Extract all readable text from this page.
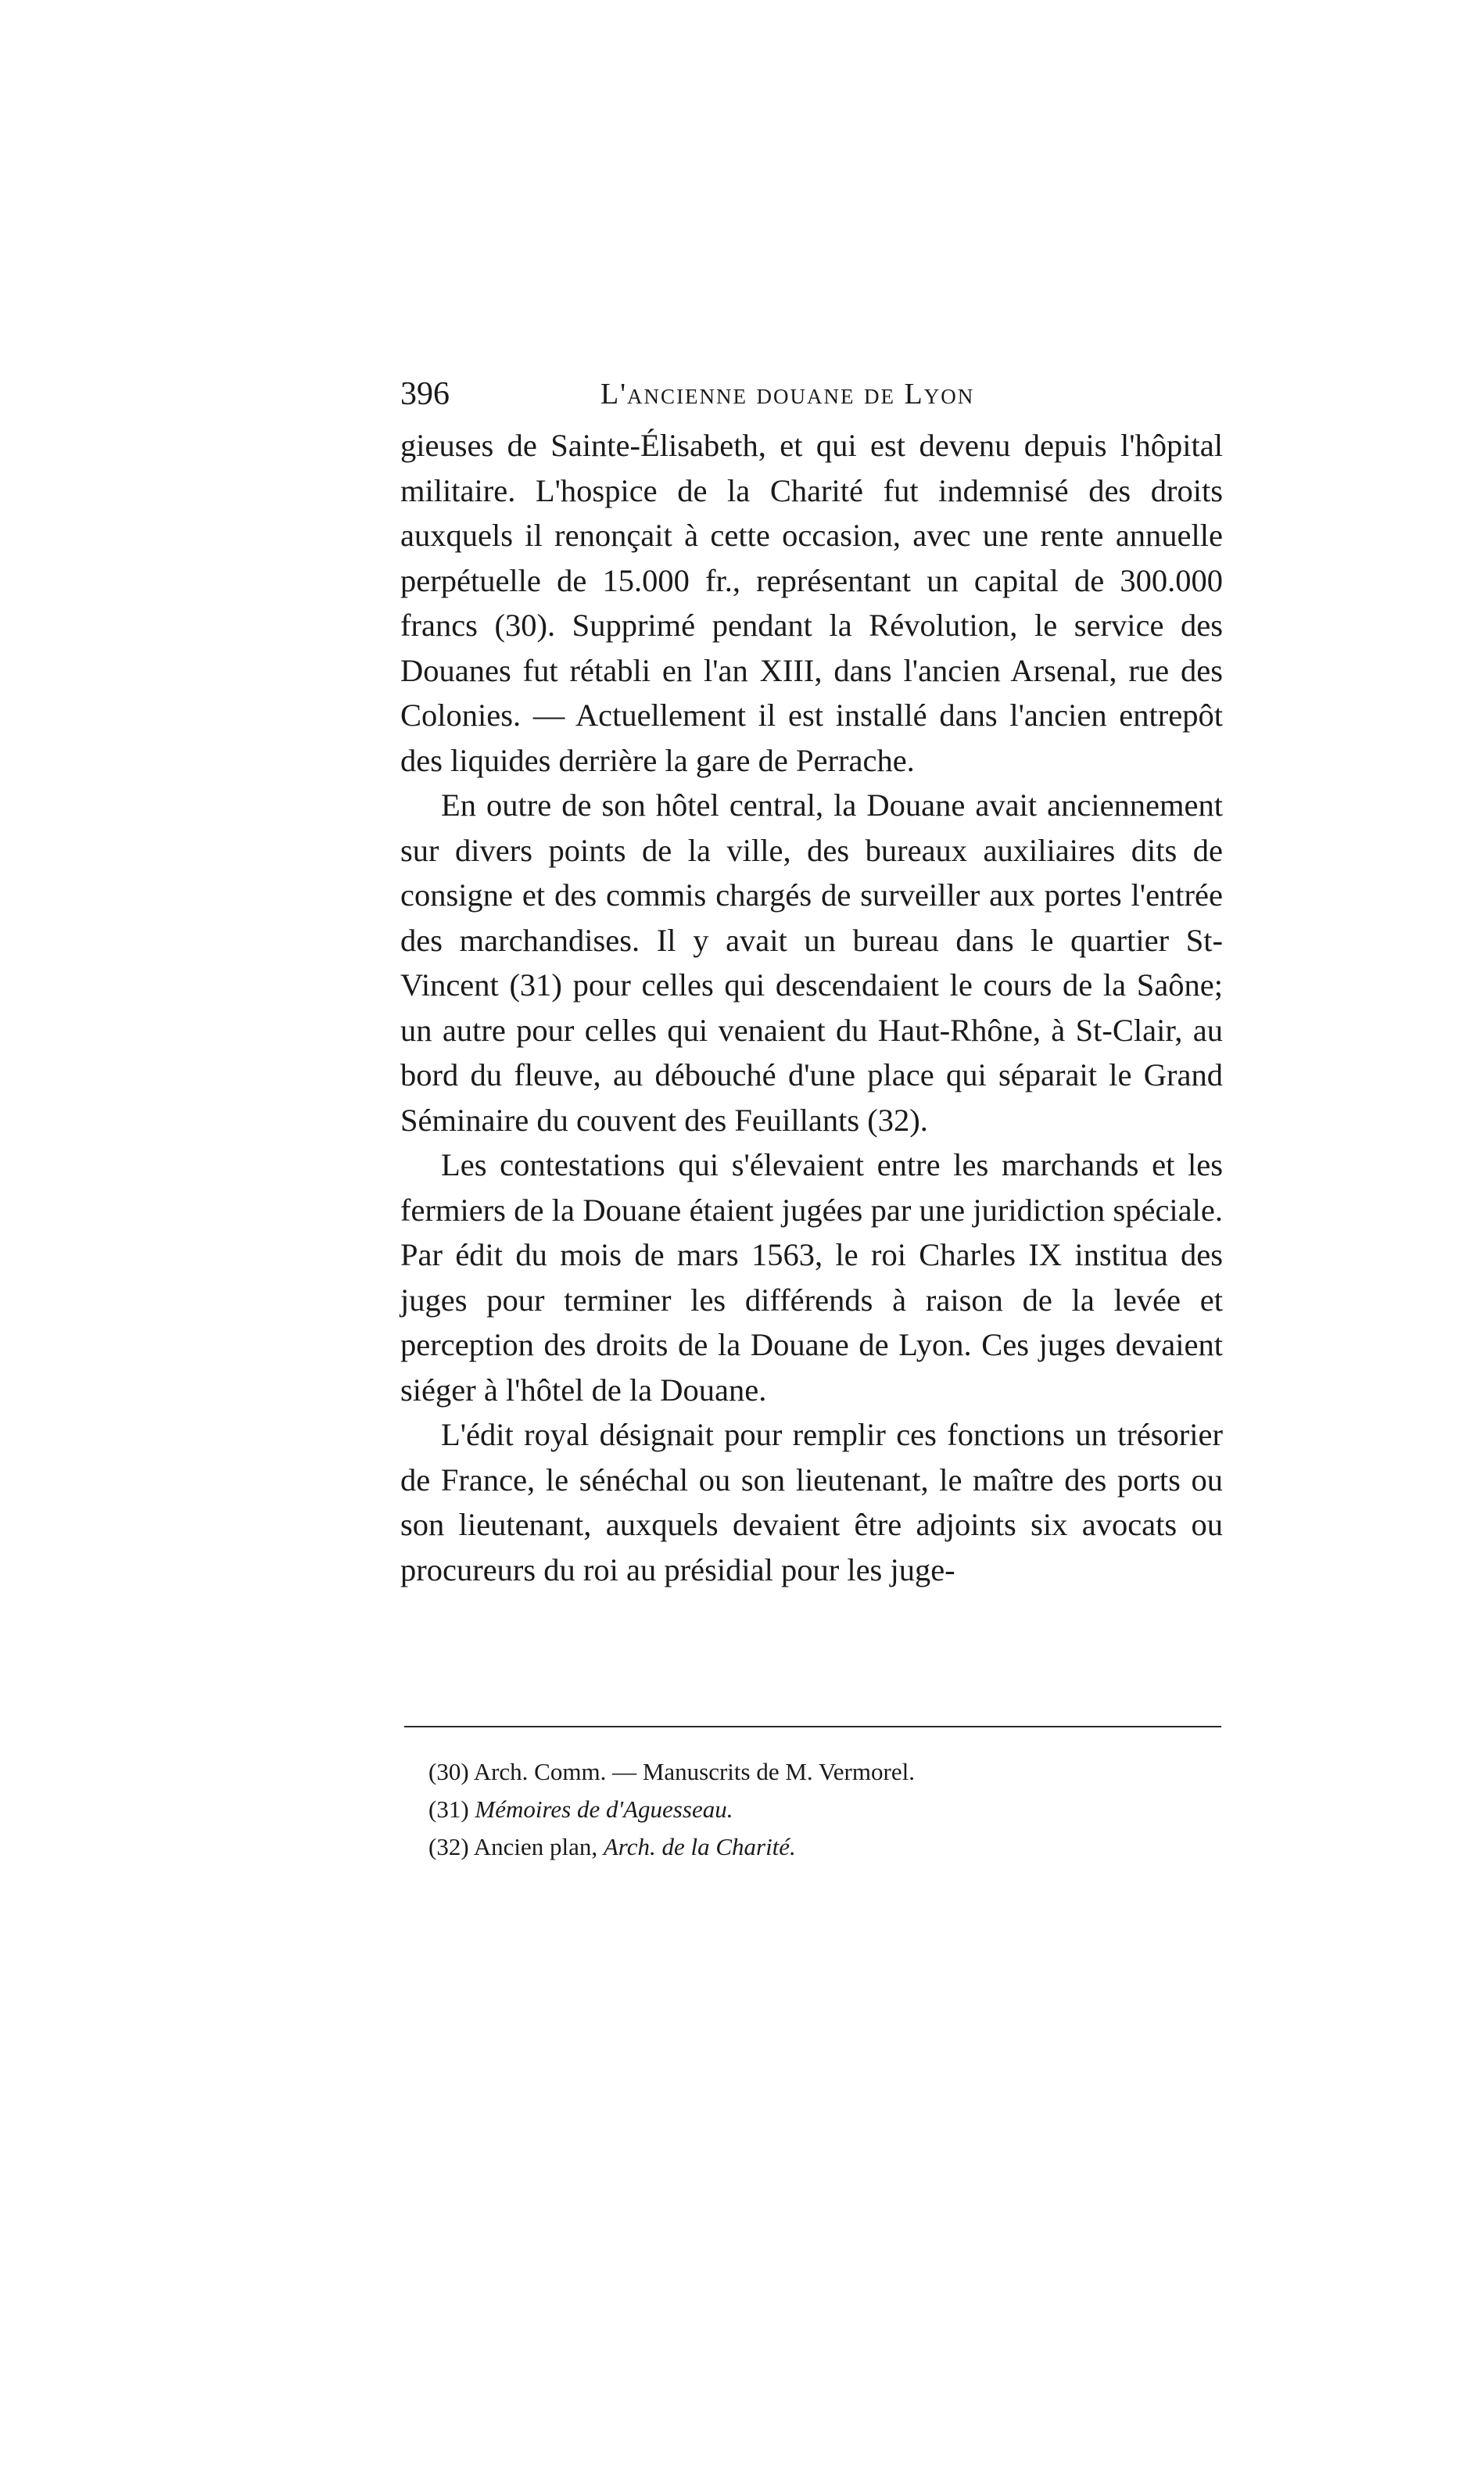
396	L'ancienne douane de Lyon

gieuses de Sainte-Élisabeth, et qui est devenu depuis l'hôpital militaire. L'hospice de la Charité fut indemnisé des droits auxquels il renonçait à cette occasion, avec une rente annuelle perpétuelle de 15.000 fr., représentant un capital de 300.000 francs (30). Supprimé pendant la Révolution, le service des Douanes fut rétabli en l'an XIII, dans l'ancien Arsenal, rue des Colonies. — Actuellement il est installé dans l'ancien entrepôt des liquides derrière la gare de Perrache.

En outre de son hôtel central, la Douane avait anciennement sur divers points de la ville, des bureaux auxiliaires dits de consigne et des commis chargés de surveiller aux portes l'entrée des marchandises. Il y avait un bureau dans le quartier St-Vincent (31) pour celles qui descendaient le cours de la Saône; un autre pour celles qui venaient du Haut-Rhône, à St-Clair, au bord du fleuve, au débouché d'une place qui séparait le Grand Séminaire du couvent des Feuillants (32).

Les contestations qui s'élevaient entre les marchands et les fermiers de la Douane étaient jugées par une juridiction spéciale. Par édit du mois de mars 1563, le roi Charles IX institua des juges pour terminer les différends à raison de la levée et perception des droits de la Douane de Lyon. Ces juges devaient siéger à l'hôtel de la Douane.

L'édit royal désignait pour remplir ces fonctions un trésorier de France, le sénéchal ou son lieutenant, le maître des ports ou son lieutenant, auxquels devaient être adjoints six avocats ou procureurs du roi au présidial pour les juge-

(30) Arch. Comm. — Manuscrits de M. Vermorel.
(31) Mémoires de d'Aguesseau.
(32) Ancien plan, Arch. de la Charité.
